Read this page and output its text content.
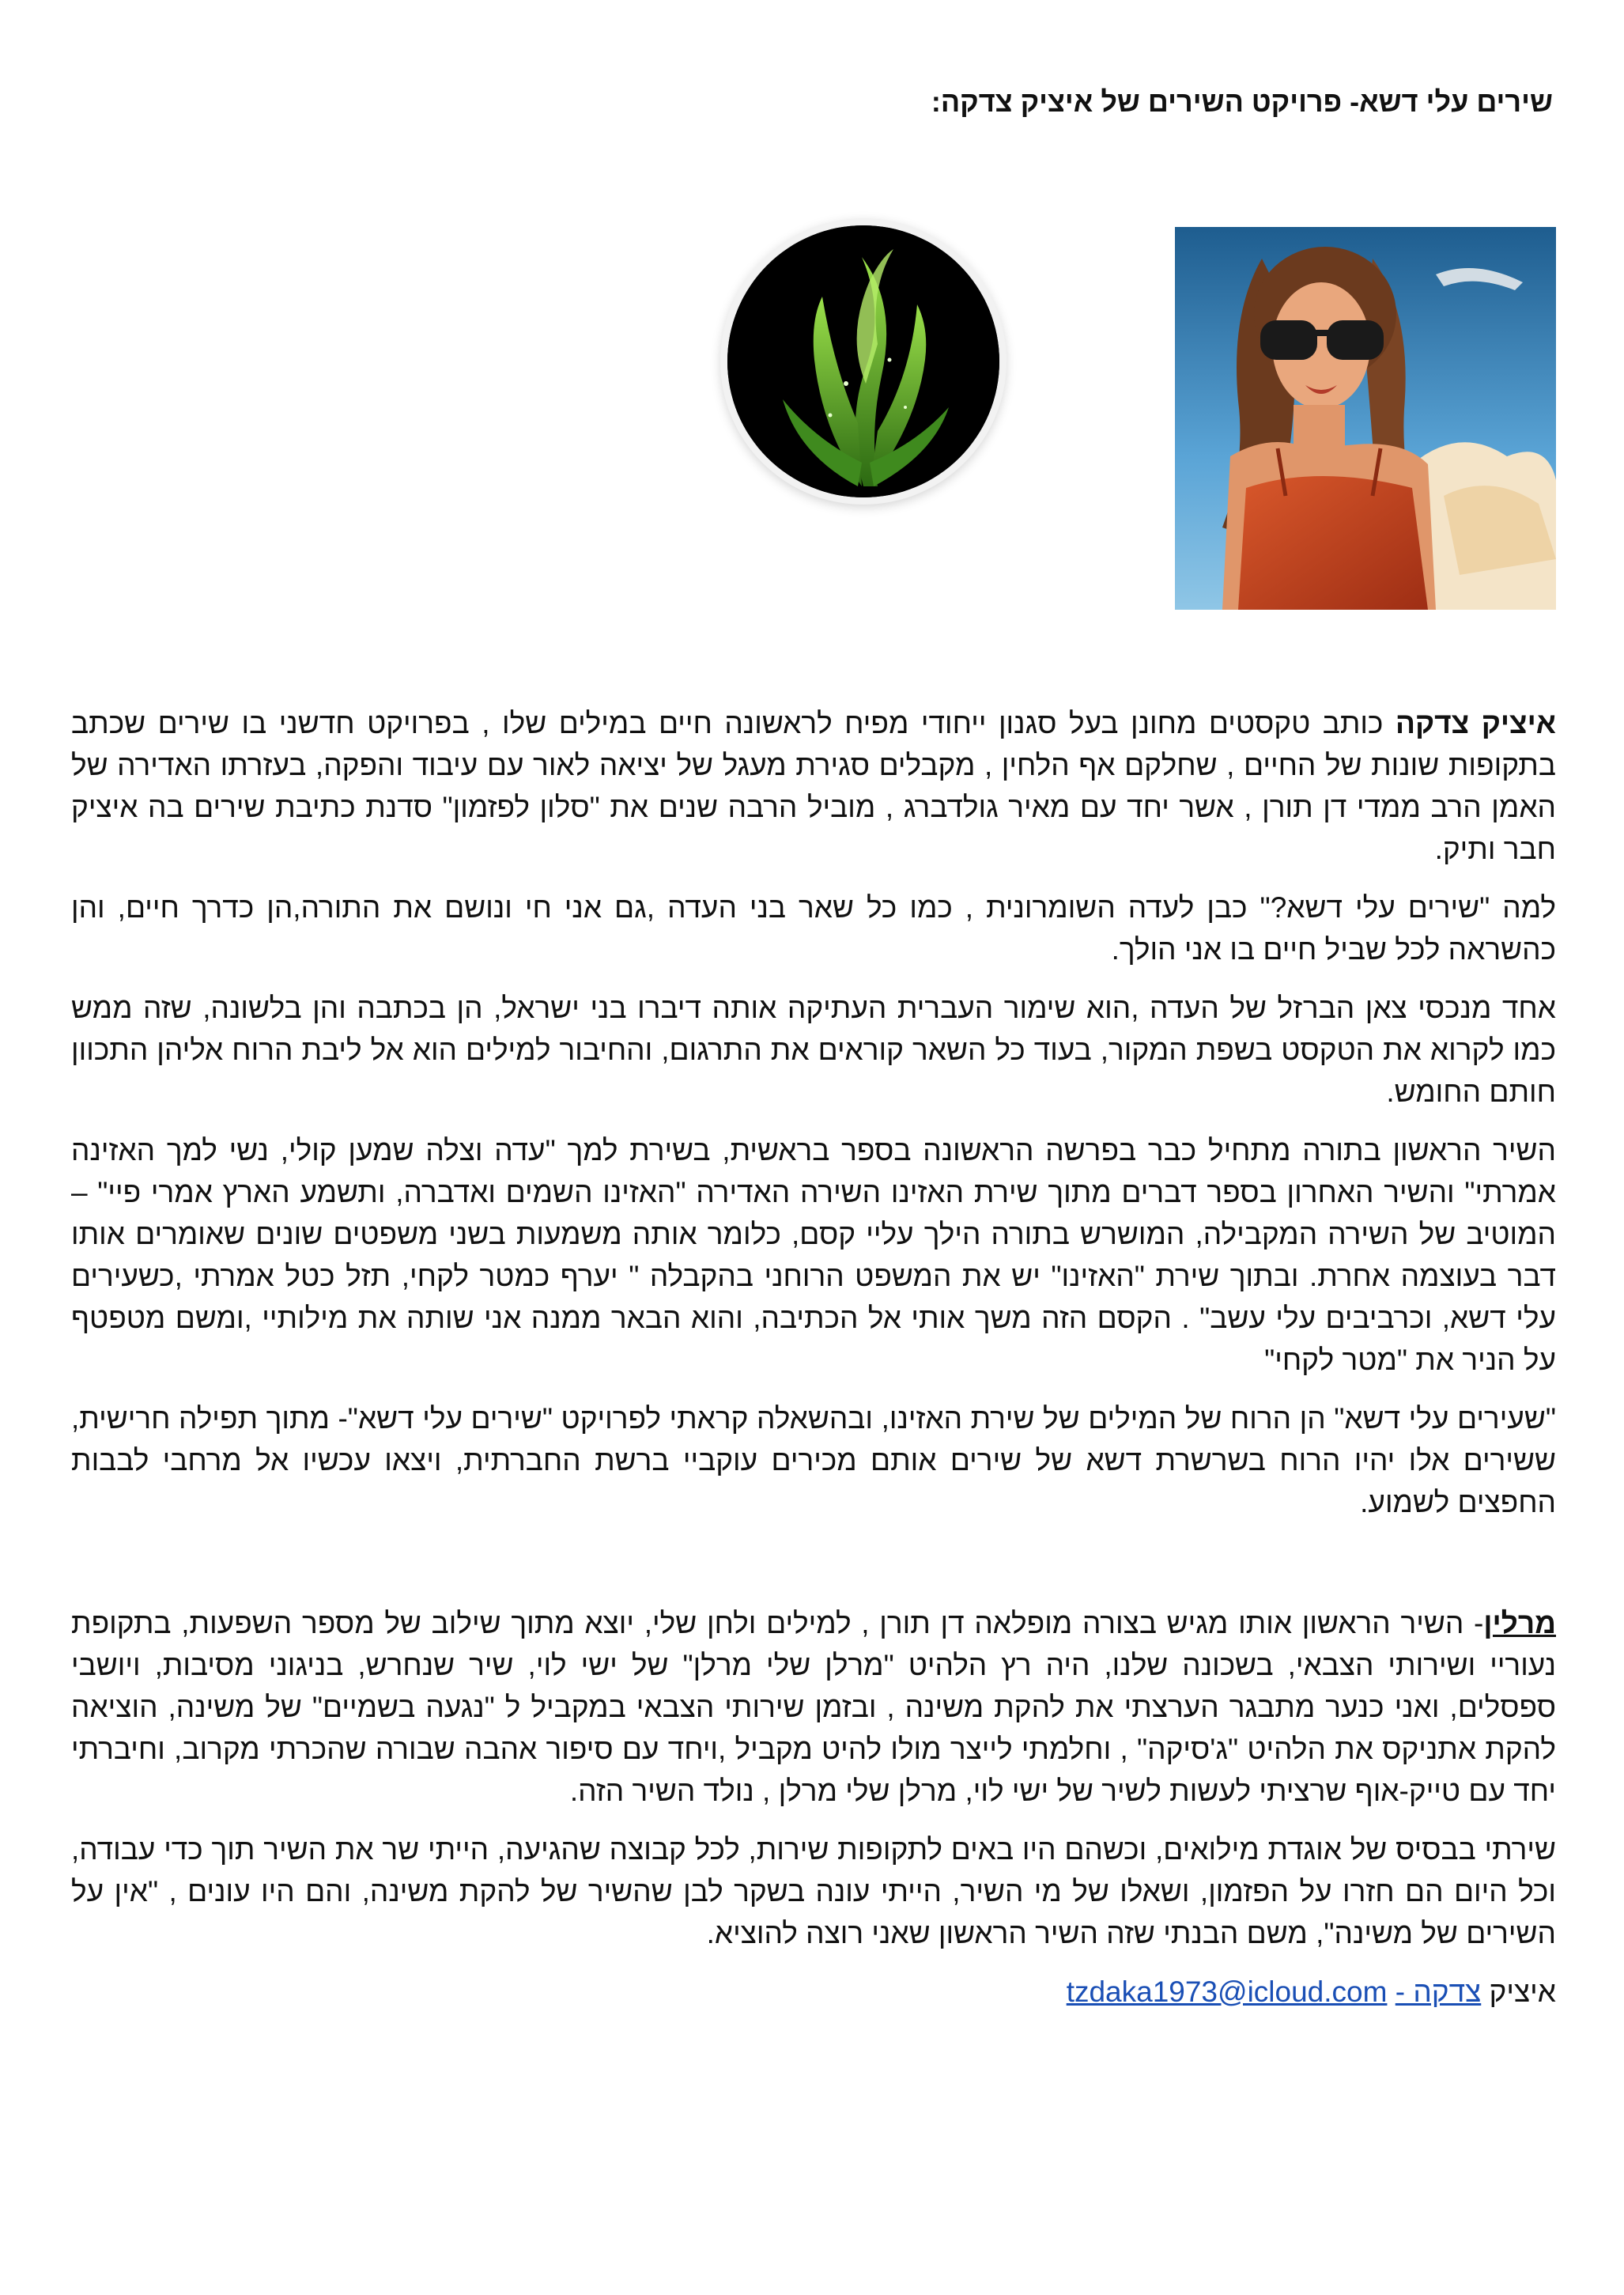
שירים עלי דשא- פרויקט השירים של איציק צדקה:

איציק צדקה כותב טקסטים מחונן בעל סגנון ייחודי מפיח לראשונה חיים במילים שלו , בפרויקט חדשני בו שירים שכתב בתקופות שונות של החיים , שחלקם אף הלחין , מקבלים סגירת מעגל של יציאה לאור עם עיבוד והפקה, בעזרתו האדירה של האמן הרב ממדי דן תורן , אשר יחד עם מאיר גולדברג , מוביל הרבה שנים את "סלון לפזמון" סדנת כתיבת שירים בה איציק חבר ותיק.

למה "שירים עלי דשא?" כבן לעדה השומרונית , כמו כל שאר בני העדה ,גם אני חי ונושם את התורה,הן כדרך חיים, והן כהשראה לכל שביל חיים בו אני הולך.

אחד מנכסי צאן הברזל של העדה ,הוא שימור העברית העתיקה אותה דיברו בני ישראל, הן בכתבה והן בלשונה, שזה ממש כמו לקרוא את הטקסט בשפת המקור, בעוד כל השאר קוראים את התרגום, והחיבור למילים הוא אל ליבת הרוח אליהן התכוון חותם החומש.

השיר הראשון בתורה מתחיל כבר בפרשה הראשונה בספר בראשית, בשירת למך "עדה וצלה שמען קולי, נשי למך האזינה אמרתי" והשיר האחרון בספר דברים מתוך שירת האזינו השירה האדירה "האזינו השמים ואדברה, ותשמע הארץ אמרי פיי" – המוטיב של השירה המקבילה, המושרש בתורה הילך עליי קסם, כלומר אותה משמעות בשני משפטים שונים שאומרים אותו דבר בעוצמה אחרת. ובתוך שירת "האזינו" יש את המשפט הרוחני בהקבלה " יערף כמטר לקחי, תזל כטל אמרתי ,כשעירים עלי דשא, וכרביבים עלי עשב" . הקסם הזה משך אותי אל הכתיבה, והוא הבאר ממנה אני שותה את מילותיי ,ומשם מטפטף על הניר את "מטר לקחי"

"שעירים עלי דשא" הן הרוח של המילים של שירת האזינו, ובהשאלה קראתי לפרויקט "שירים עלי דשא"- מתוך תפילה חרישית, ששירים אלו יהיו הרוח בשרשרת דשא של שירים אותם מכירים עוקביי ברשת החברתית, ויצאו עכשיו אל מרחבי לבבות החפצים לשמוע.

מרלין- השיר הראשון אותו מגיש בצורה מופלאה דן תורן , למילים ולחן שלי, יוצא מתוך שילוב של מספר השפעות, בתקופת נעוריי ושירותי הצבאי, בשכונה שלנו, היה רץ הלהיט "מרלן שלי מרלן" של ישי לוי, שיר שנחרש, בניגוני מסיבות, ויושבי ספסלים, ואני כנער מתבגר הערצתי את להקת משינה , ובזמן שירותי הצבאי במקביל ל "נגעה בשמיים" של משינה, הוציאה להקת אתניקס את הלהיט "ג'סיקה" , וחלמתי לייצר מולו להיט מקביל ,ויחד עם סיפור אהבה שבורה שהכרתי מקרוב, וחיברתי יחד עם טייק-אוף שרציתי לעשות לשיר של ישי לוי, מרלן שלי מרלן , נולד השיר הזה.

שירתי בבסיס של אוגדת מילואים, וכשהם היו באים לתקופות שירות, לכל קבוצה שהגיעה, הייתי שר את השיר תוך כדי עבודה, וכל היום הם חזרו על הפזמון, ושאלו של מי השיר, הייתי עונה בשקר לבן שהשיר של להקת משינה, והם היו עונים , "אין על השירים של משינה", משם הבנתי שזה השיר הראשון שאני רוצה להוציא.

איציק צדקה - tzdaka1973@icloud.com
